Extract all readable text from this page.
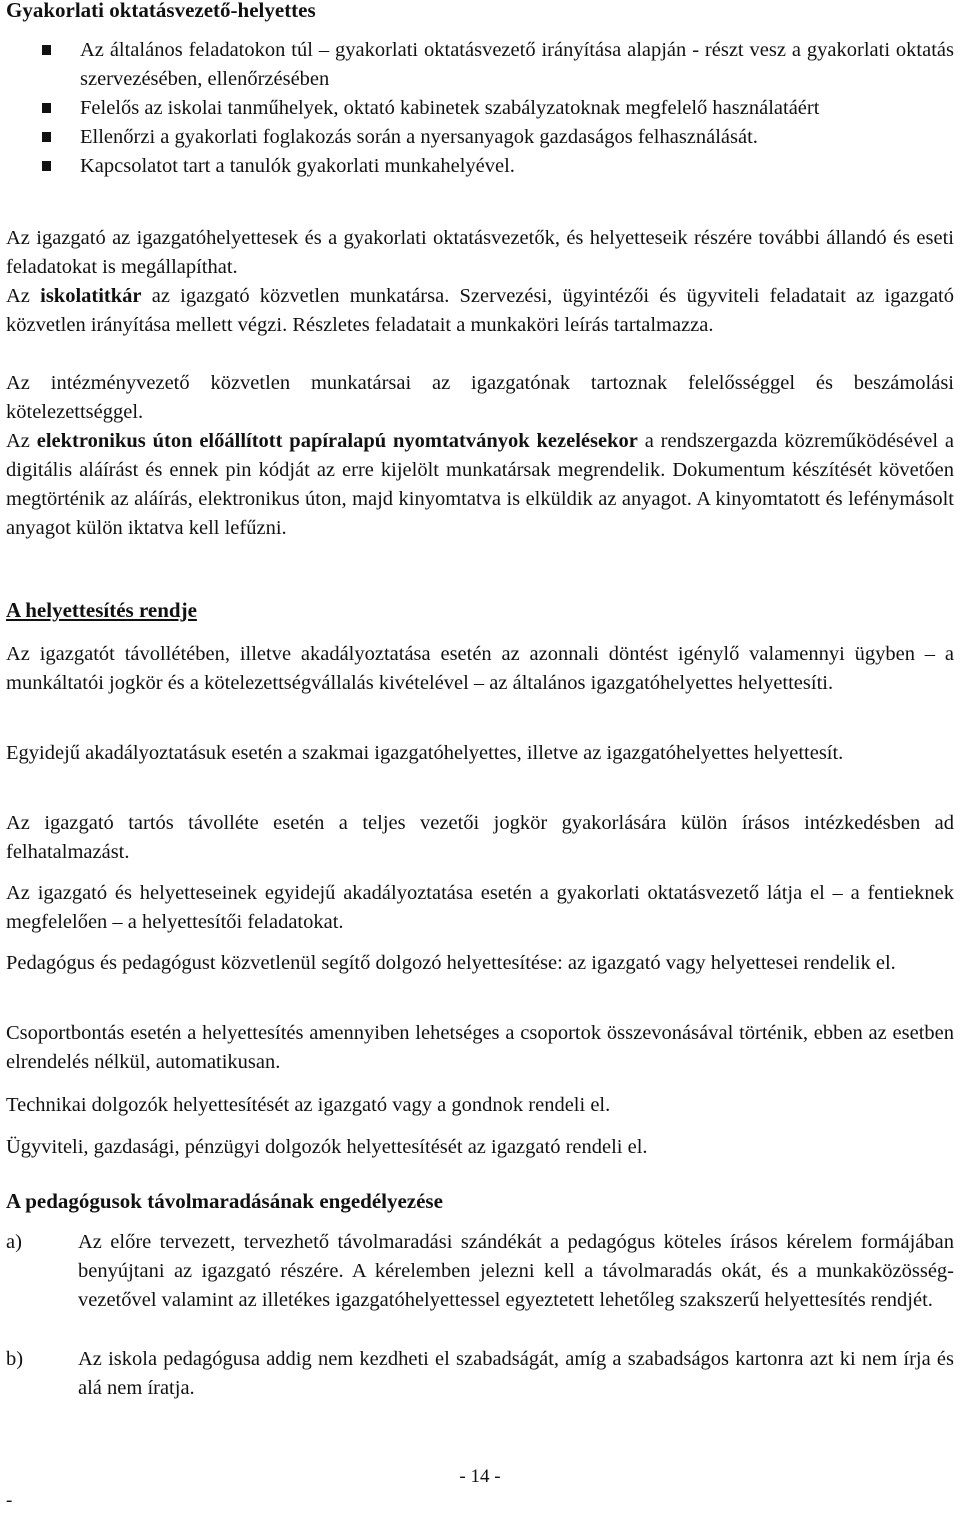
Gyakorlati oktatásvezető-helyettes
Az általános feladatokon túl – gyakorlati oktatásvezető irányítása alapján - részt vesz a gyakorlati oktatás szervezésében, ellenőrzésében
Felelős az iskolai tanműhelyek, oktató kabinetek szabályzatoknak megfelelő használatáért
Ellenőrzi a gyakorlati foglakozás során a nyersanyagok gazdaságos felhasználását.
Kapcsolatot tart a tanulók gyakorlati munkahelyével.

Az igazgató az igazgatóhelyettesek és a gyakorlati oktatásvezetők, és helyetteseik részére további állandó és eseti feladatokat is megállapíthat.

Az iskolatitkár az igazgató közvetlen munkatársa. Szervezési, ügyintézői és ügyviteli feladatait az igazgató közvetlen irányítása mellett végzi. Részletes feladatait a munkaköri leírás tartalmazza.

Az intézményvezető közvetlen munkatársai az igazgatónak tartoznak felelősséggel és beszámolási kötelezettséggel.

Az elektronikus úton előállított papíralapú nyomtatványok kezelésekor a rendszergazda közreműködésével a digitális aláírást és ennek pin kódját az erre kijelölt munkatársak megrendelik. Dokumentum készítését követően megtörténik az aláírás, elektronikus úton, majd kinyomtatva is elküldik az anyagot. A kinyomtatott és lefénymásolt anyagot külön iktatva kell lefűzni.

A helyettesítés rendje

Az igazgatót távollétében, illetve akadályoztatása esetén az azonnali döntést igénylő valamennyi ügyben – a munkáltatói jogkör és a kötelezettségvállalás kivételével – az általános igazgatóhelyettes helyettesíti.

Egyidejű akadályoztatásuk esetén a szakmai igazgatóhelyettes, illetve az igazgatóhelyettes helyettesít.

Az igazgató tartós távolléte esetén a teljes vezetői jogkör gyakorlására külön írásos intézkedésben ad felhatalmazást.

Az igazgató és helyetteseinek egyidejű akadályoztatása esetén a gyakorlati oktatásvezető látja el – a fentieknek megfelelően – a helyettesítői feladatokat.

Pedagógus és pedagógust közvetlenül segítő dolgozó helyettesítése: az igazgató vagy helyettesei rendelik el.

Csoportbontás esetén a helyettesítés amennyiben lehetséges a csoportok összevonásával történik, ebben az esetben elrendelés nélkül, automatikusan.

Technikai dolgozók helyettesítését az igazgató vagy a gondnok rendeli el.

Ügyviteli, gazdasági, pénzügyi dolgozók helyettesítését az igazgató rendeli el.

A pedagógusok távolmaradásának engedélyezése
a)	Az előre tervezett, tervezhető távolmaradási szándékát a pedagógus köteles írásos kérelem formájában benyújtani az igazgató részére. A kérelemben jelezni kell a távolmaradás okát, és a munkaközösség-vezetővel valamint az illetékes igazgatóhelyettessel egyeztetett lehetőleg szakszerű helyettesítés rendjét.
b)	Az iskola pedagógusa addig nem kezdheti el szabadságát, amíg a szabadságos kartonra azt ki nem írja és alá nem íratja.
- 14 -
-
